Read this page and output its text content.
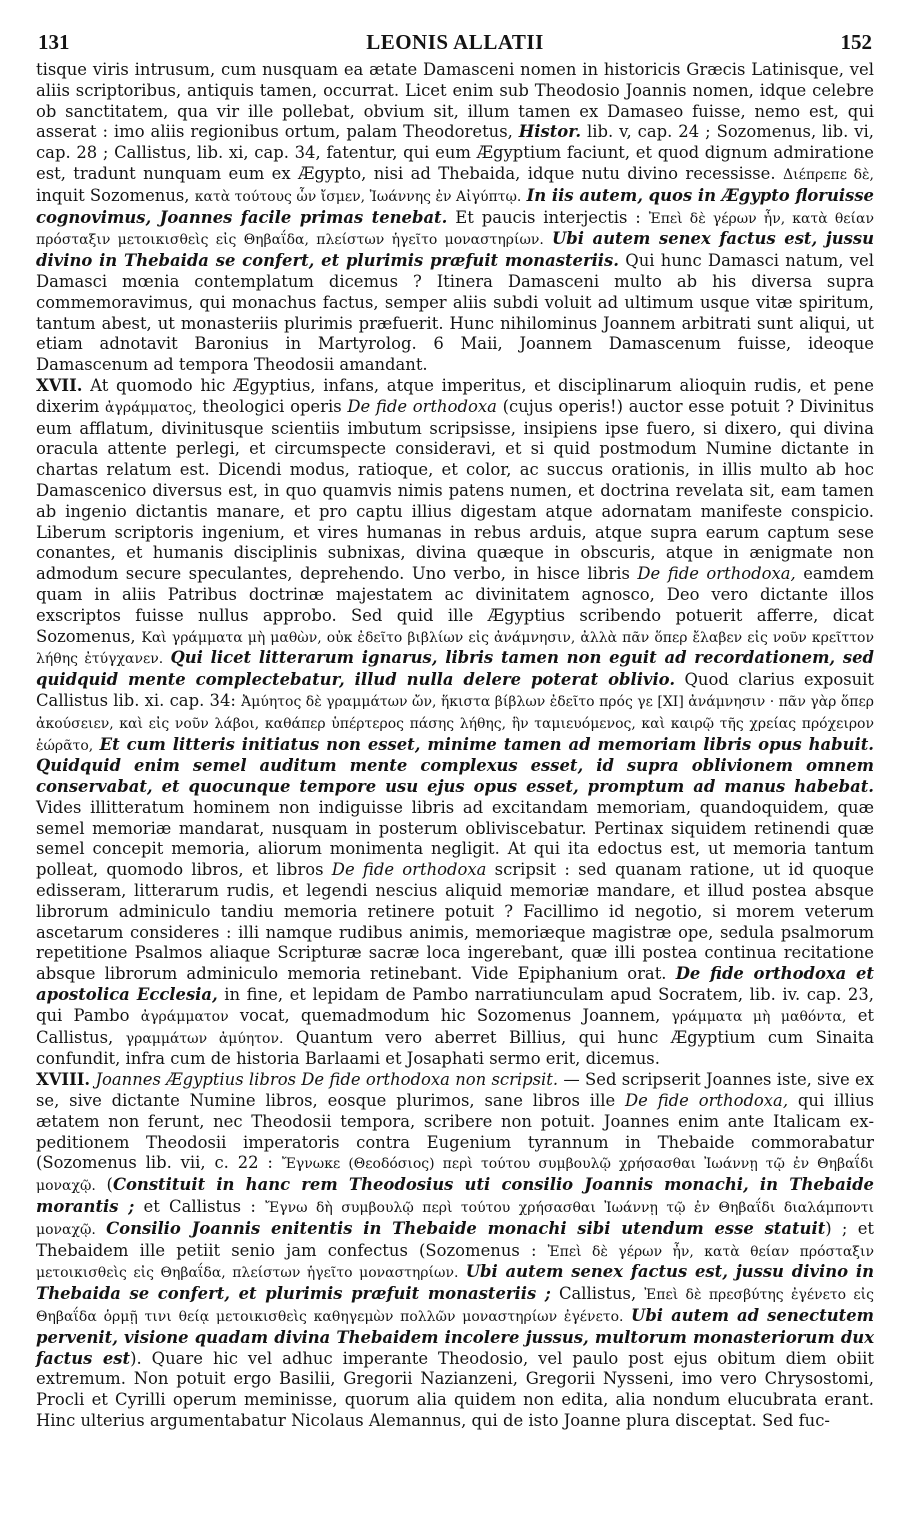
131	LEONIS ALLATII	152

tisque viris intrusum, cum nusquam ea ætate Damasceni nomen in historicis Græcis Latinisque, vel aliis scriptoribus, antiquis tamen, occurrat. Licet enim sub Theodosio Joannis nomen, idque celebre ob sanctitatem, qua vir ille pollebat, obvium sit, illum tamen ex Damaseo fuisse, nemo est, qui asserat : imo aliis regionibus ortum, palam Theodoretus, Histor. lib. v, cap. 24 ; Sozomenus, lib. vi, cap. 28 ; Callistus, lib. xi, cap. 34, fatentur, qui eum Ægyptium faciunt, et quod dignum admiratione est, tradunt nunquam eum ex Ægypto, nisi ad Thebaida, idque nutu divino recessisse. Διέπρεπε δὲ, inquit Sozomenus, κατὰ τούτους ὧν ἴσμεν, Ἰωάννης ἐν Αἰγύπτῳ. In iis autem, quos in Ægypto floruisse cognovimus, Joannes facile primas tenebat. Et paucis interjectis : Ἐπεὶ δὲ γέρων ἦν, κατὰ θείαν πρόσταξιν μετοικισθεὶς εἰς Θηβαΐδα, πλείστων ἡγεῖτο μοναστηρίων. Ubi autem senex factus est, jussu divino in Thebaida se confert, et plurimis præfuit monasteriis. Qui hunc Damasci natum, vel Damasci mœnia contemplatum dicemus ? Itinera Damasceni multo ab his diversa supra commemoravimus, qui monachus factus, semper aliis subdi voluit ad ultimum usque vitæ spiritum, tantum abest, ut monasteriis plurimis præfuerit. Hunc nihilominus Joannem arbitrati sunt aliqui, ut etiam adnotavit Baronius in Martyrolog. 6 Maii, Joannem Damascenum fuisse, ideoque Damascenum ad tempora Theodosii amandant.

XVII. At quomodo hic Ægyptius, infans, atque imperitus, et disciplinarum alioquin rudis, et pene dixerim ἀγράμματος, theologici operis De fide orthodoxa (cujus operis!) auctor esse potuit ? Divinitus eum afflatum, divinitusque scientiis imbutum scripsisse, insipiens ipse fuero, si dixero, qui divina oracula attente perlegi, et circumspecte consideravi, et si quid postmodum Numine dictante in chartas relatum est. Dicendi modus, ratioque, et color, ac succus orationis, in illis multo ab hoc Damascenico diversus est, in quo quamvis nimis patens numen, et doctrina revelata sit, eam tamen ab ingenio dictantis manare, et pro captu illius digestam atque adornatam manifeste conspicio. Liberum scriptoris ingenium, et vires humanas in rebus arduis, atque supra earum captum sese conantes, et humanis disciplinis subnixas, divina quæque in obscuris, atque in ænigmate non admodum secure speculantes, deprehendo. Uno verbo, in hisce libris De fide orthodoxa, eamdem quam in aliis Patribus doctrinæ majestatem ac divinitatem agnosco, Deo vero dictante illos exscriptos fuisse nullus approbo. Sed quid ille Ægyptius scribendo potuerit afferre, dicat Sozomenus, Καὶ γράμματα μὴ μαθὼν, οὐκ ἐδεῖτο βιβλίων εἰς ἀνάμνησιν, ἀλλὰ πᾶν ὅπερ ἔλαβεν εἰς νοῦν κρεῖττον λήθης ἐτύγχανεν. Qui licet litterarum ignarus, libris tamen non eguit ad recordationem, sed quidquid mente complectebatur, illud nulla delere poterat oblivio. Quod clarius exposuit Callistus lib. xi. cap. 34: Ἀμύητος δὲ γραμμάτων ὤν, ἥκιστα βίβλων ἐδεῖτο πρός γε [XI] ἀνάμνησιν · πᾶν γὰρ ὅπερ ἀκούσειεν, καὶ εἰς νοῦν λάβοι, καθάπερ ὑπέρτερος πάσης λήθης, ἣν ταμιευόμενος, καὶ καιρῷ τῆς χρείας πρόχειρον ἑώρᾶτο, Et cum litteris initiatus non esset, minime tamen ad memoriam libris opus habuit. Quidquid enim semel auditum mente complexus esset, id supra oblivionem omnem conservabat, et quocunque tempore usu ejus opus esset, promptum ad manus habebat. Vides illitteratum hominem non indiguisse libris ad excitandam memoriam, quandoquidem, quæ semel memoriæ mandarat, nusquam in posterum obliviscebatur. Pertinax siquidem retinendi quæ semel concepit memoria, aliorum monimenta negligit. At qui ita edoctus est, ut memoria tantum polleat, quomodo libros, et libros De fide orthodoxa scripsit : sed quanam ratione, ut id quoque edisseram, litterarum rudis, et legendi nescius aliquid memoriæ mandare, et illud postea absque librorum adminiculo tandiu memoria retinere potuit ? Facillimo id negotio, si morem veterum ascetarum consideres : illi namque rudibus animis, memoriæque magistræ ope, sedula psalmorum repetitione Psalmos aliaque Scripturæ sacræ loca ingerebant, quæ illi postea continua recitatione absque librorum adminiculo memoria retinebant. Vide Epiphanium orat. De fide orthodoxa et apostolica Ecclesia, in fine, et lepidam de Pambo narratiunculam apud Socratem, lib. iv. cap. 23, qui Pambo ἀγράμματον vocat, quemadmodum hic Sozomenus Joannem, γράμματα μὴ μαθόντα, et Callistus, γραμμάτων ἀμύητον. Quantum vero aberret Billius, qui hunc Ægyptium cum Sinaita confundit, infra cum de historia Barlaami et Josaphati sermo erit, dicemus.

XVIII. Joannes Ægyptius libros De fide orthodoxa non scripsit. — Sed scripserit Joannes iste, sive ex se, sive dictante Numine libros, eosque plurimos, sane libros ille De fide orthodoxa, qui illius ætatem non ferunt, nec Theodosii tempora, scribere non potuit. Joannes enim ante Italicam expeditionem Theodosii imperatoris contra Eugenium tyrannum in Thebaide commorabatur (Sozomenus lib. vii, c. 22 : Ἔγνωκε (Θεοδόσιος) περὶ τούτου συμβουλῷ χρήσασθαι Ἰωάννῃ τῷ ἐν Θηβαΐδι μοναχῷ. (Constituit in hanc rem Theodosius uti consilio Joannis monachi, in Thebaide morantis ; et Callistus : Ἔγνω δὴ συμβουλῷ περὶ τούτου χρήσασθαι Ἰωάννῃ τῷ ἐν Θηβαΐδι διαλάμποντι μοναχῷ. Consilio Joannis enitentis in Thebaide monachi sibi utendum esse statuit) ; et Thebaidem ille petiit senio jam confectus (Sozomenus : Ἐπεὶ δὲ γέρων ἦν, κατὰ θείαν πρόσταξιν μετοικισθεὶς εἰς Θηβαΐδα, πλείστων ἡγεῖτο μοναστηρίων. Ubi autem senex factus est, jussu divino in Thebaida se confert, et plurimis præfuit monasteriis ; Callistus, Ἐπεὶ δὲ πρεσβύτης ἐγένετο εἰς Θηβαΐδα ὁρμῇ τινι θείᾳ μετοικισθεὶς καθηγεμὼν πολλῶν μοναστηρίων ἐγένετο. Ubi autem ad senectutem pervenit, visione quadam divina Thebaidem incolere jussus, multorum monasteriorum dux factus est). Quare hic vel adhuc imperante Theodosio, vel paulo post ejus obitum diem obiit extremum. Non potuit ergo Basilii, Gregorii Nazianzeni, Gregorii Nysseni, imo vero Chrysostomi, Procli et Cyrilli operum meminisse, quorum alia quidem non edita, alia nondum elucubrata erant. Hinc ulterius argumentabatur Nicolaus Alemannus, qui de isto Joanne plura disceptat. Sed fuc-
